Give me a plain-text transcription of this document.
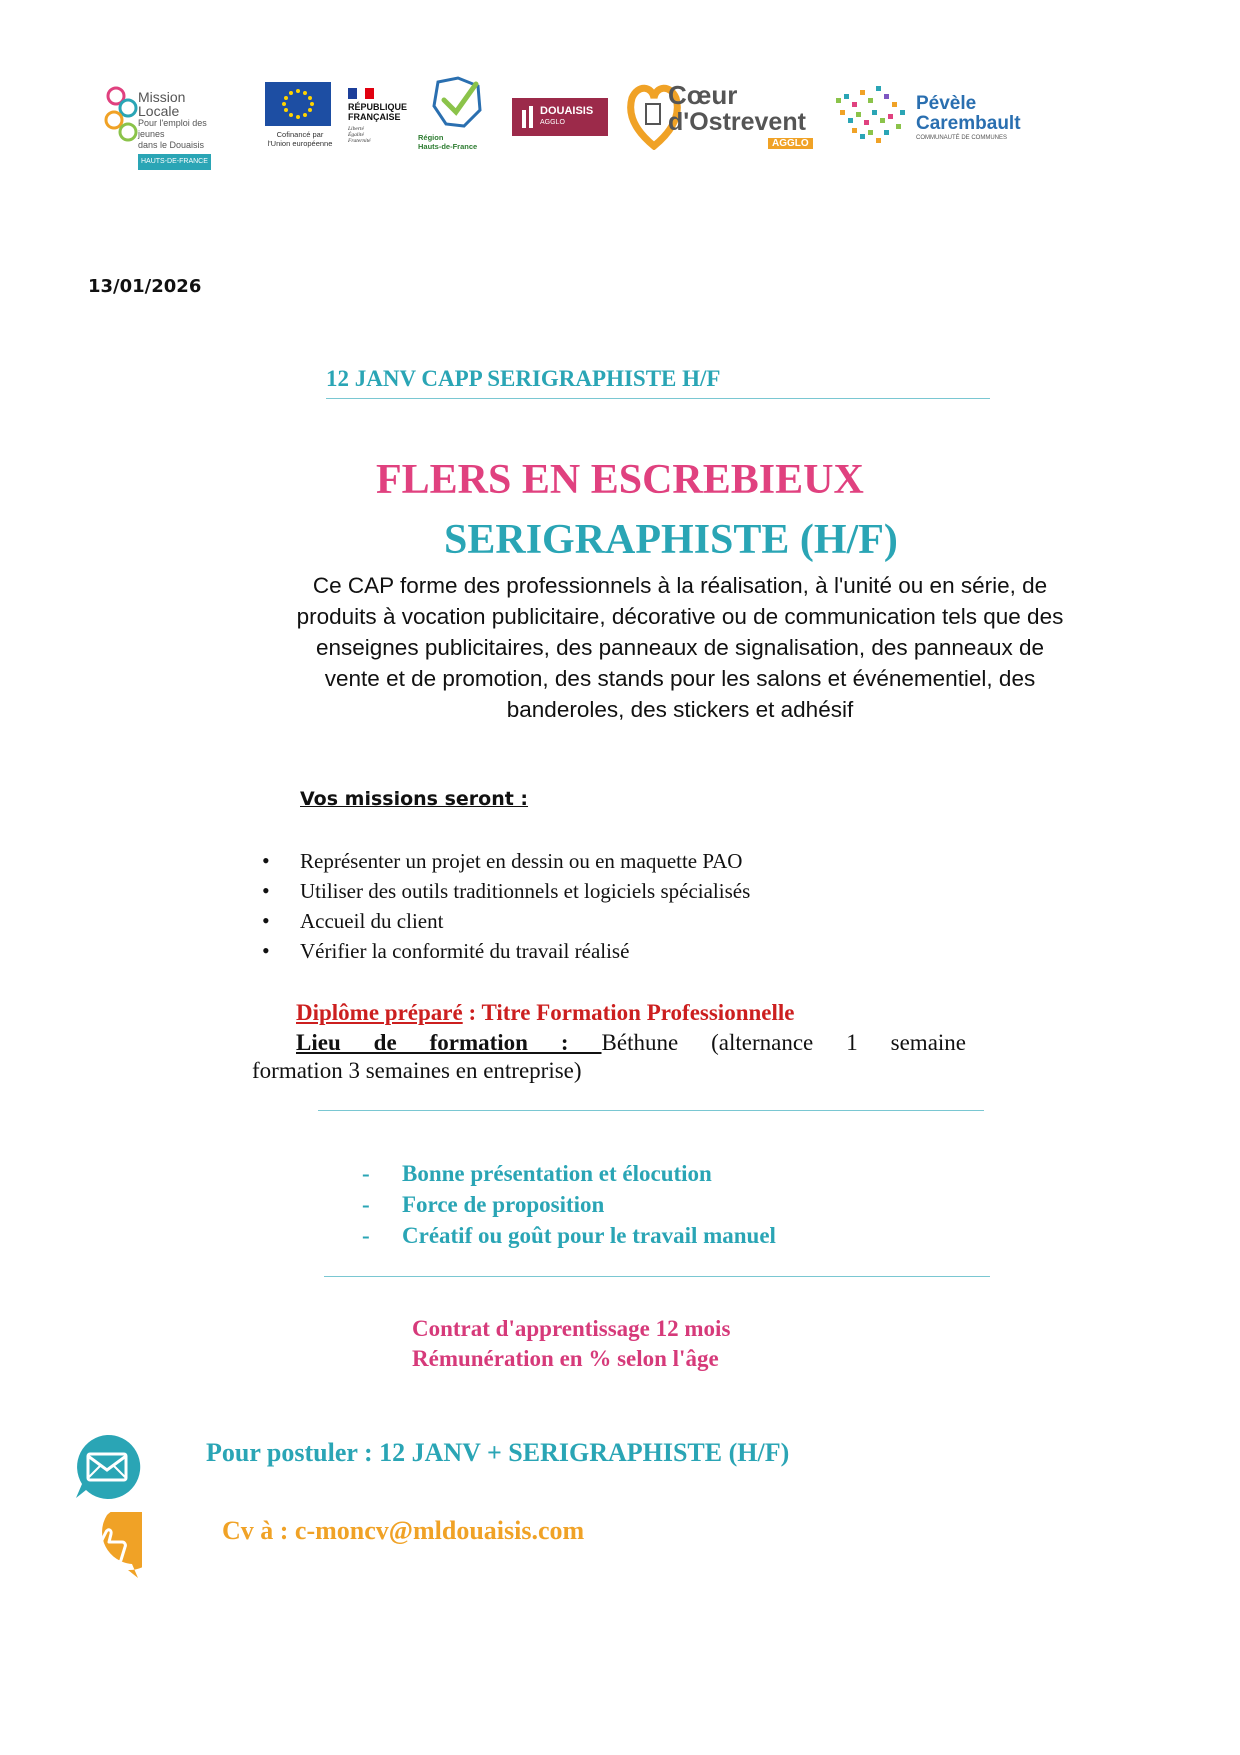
Mission Locale
Pour l'emploi des jeunes
dans le Douaisis
HAUTS-DE-FRANCE
Cofinancé par
l'Union européenne
RÉPUBLIQUE
FRANÇAISE
Liberté
Égalité
Fraternité	Région
Hauts-de-France
DOUAISIS
AGGLO
Cœur
d'Ostrevent
AGGLO
Pévèle
Carembault
COMMUNAUTÉ DE COMMUNES
13/01/2026
12 JANV CAPP SERIGRAPHISTE H/F
FLERS EN ESCREBIEUX
SERIGRAPHISTE (H/F)
Ce CAP forme des professionnels à la réalisation, à l'unité ou en série, de produits à vocation publicitaire, décorative ou de communication tels que des enseignes publicitaires, des panneaux de signalisation, des panneaux de vente et de promotion, des stands pour les salons et événementiel, des banderoles, des stickers et adhésif
Vos missions seront :
• Représenter un projet en dessin ou en maquette PAO
• Utiliser des outils traditionnels et logiciels spécialisés
• Accueil du client
• Vérifier la conformité du travail réalisé
Diplôme préparé : Titre Formation Professionnelle
Lieu de formation : Béthune (alternance 1 semaine
formation 3 semaines en entreprise)
- Bonne présentation et élocution
- Force de proposition
- Créatif ou goût pour le travail manuel
Contrat d'apprentissage 12 mois
Rémunération en % selon l'âge
Pour postuler : 12 JANV + SERIGRAPHISTE (H/F)
Cv à : c-moncv@mldouaisis.com
